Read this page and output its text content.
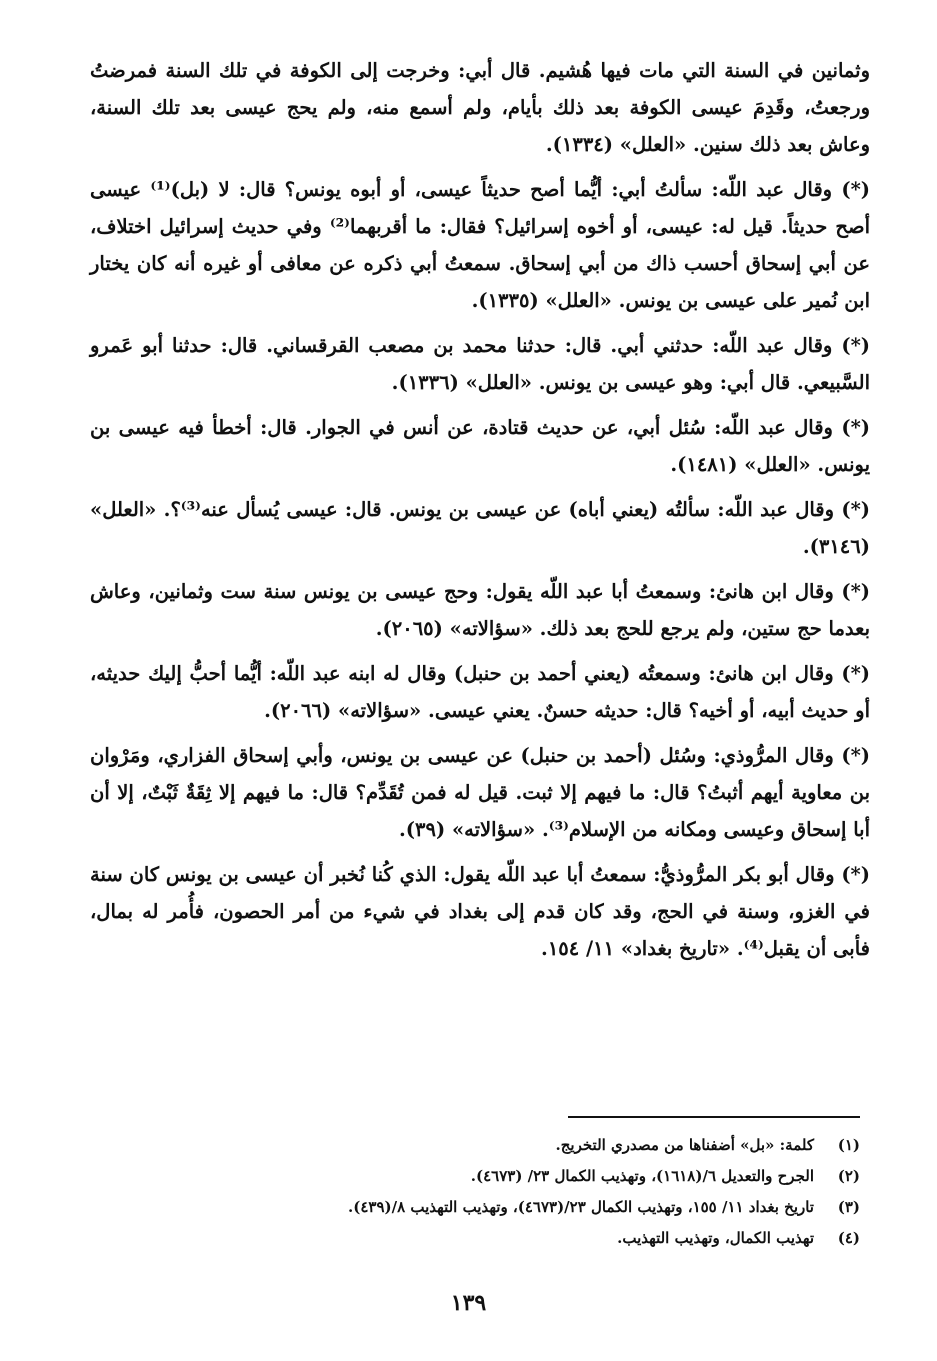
وثمانين في السنة التي مات فيها هُشيم. قال أبي: وخرجت إلى الكوفة في تلك السنة فمرضتُ ورجعتُ، وقَدِمَ عيسى الكوفة بعد ذلك بأيام، ولم أسمع منه، ولم يحج عيسى بعد تلك السنة، وعاش بعد ذلك سنين. «العلل» (١٣٣٤).

(*) وقال عبد اللّه: سألتُ أبي: أيُّما أصح حديثاً عيسى، أو أبوه يونس؟ قال: لا (بل)⁽¹⁾ عيسى أصح حديثاً. قيل له: عيسى، أو أخوه إسرائيل؟ فقال: ما أقربهما⁽²⁾ وفي حديث إسرائيل اختلاف، عن أبي إسحاق أحسب ذاك من أبي إسحاق. سمعتُ أبي ذكره عن معافى أو غيره أنه كان يختار ابن نُمير على عيسى بن يونس. «العلل» (١٣٣٥).

(*) وقال عبد اللّه: حدثني أبي. قال: حدثنا محمد بن مصعب القرقساني. قال: حدثنا أبو عَمرو السَّبيعي. قال أبي: وهو عيسى بن يونس. «العلل» (١٣٣٦).

(*) وقال عبد اللّه: سُئل أبي، عن حديث قتادة، عن أنس في الجوار. قال: أخطأ فيه عيسى بن يونس. «العلل» (١٤٨١).

(*) وقال عبد اللّه: سألتُه (يعني أباه) عن عيسى بن يونس. قال: عيسى يُسأل عنه⁽³⁾؟. «العلل» (٣١٤٦).

(*) وقال ابن هانئ: وسمعتُ أبا عبد اللّه يقول: وحج عيسى بن يونس سنة ست وثمانين، وعاش بعدما حج ستين، ولم يرجع للحج بعد ذلك. «سؤالاته» (٢٠٦٥).

(*) وقال ابن هانئ: وسمعتُه (يعني أحمد بن حنبل) وقال له ابنه عبد اللّه: أيُّما أحبُّ إليك حديثه، أو حديث أبيه، أو أخيه؟ قال: حديثه حسنٌ. يعني عيسى. «سؤالاته» (٢٠٦٦).

(*) وقال المرُّوذي: وسُئل (أحمد بن حنبل) عن عيسى بن يونس، وأبي إسحاق الفزاري، ومَرْوان بن معاوية أيهم أثبتُ؟ قال: ما فيهم إلا ثبت. قيل له فمن تُقَدِّم؟ قال: ما فيهم إلا ثِقَةٌ ثَبْتٌ، إلا أن أبا إسحاق وعيسى ومكانه من الإسلام⁽³⁾. «سؤالاته» (٣٩).

(*) وقال أبو بكر المرُّوذيُّ: سمعتُ أبا عبد اللّه يقول: الذي كُنا نُخبر أن عيسى بن يونس كان سنة في الغزو، وسنة في الحج، وقد كان قدم إلى بغداد في شيء من أمر الحصون، فأُمر له بمال، فأبى أن يقبل⁽⁴⁾. «تاريخ بغداد» ١١/ ١٥٤.

(١)
كلمة: «بل» أضفناها من مصدري التخريج.

(٢)
الجرح والتعديل ٦/(١٦١٨)، وتهذيب الكمال ٢٣/ (٤٦٧٣).

(٣)
تاريخ بغداد ١١/ ١٥٥، وتهذيب الكمال ٢٣/(٤٦٧٣)، وتهذيب التهذيب ٨/(٤٣٩).

(٤)
تهذيب الكمال، وتهذيب التهذيب.

١٣٩
